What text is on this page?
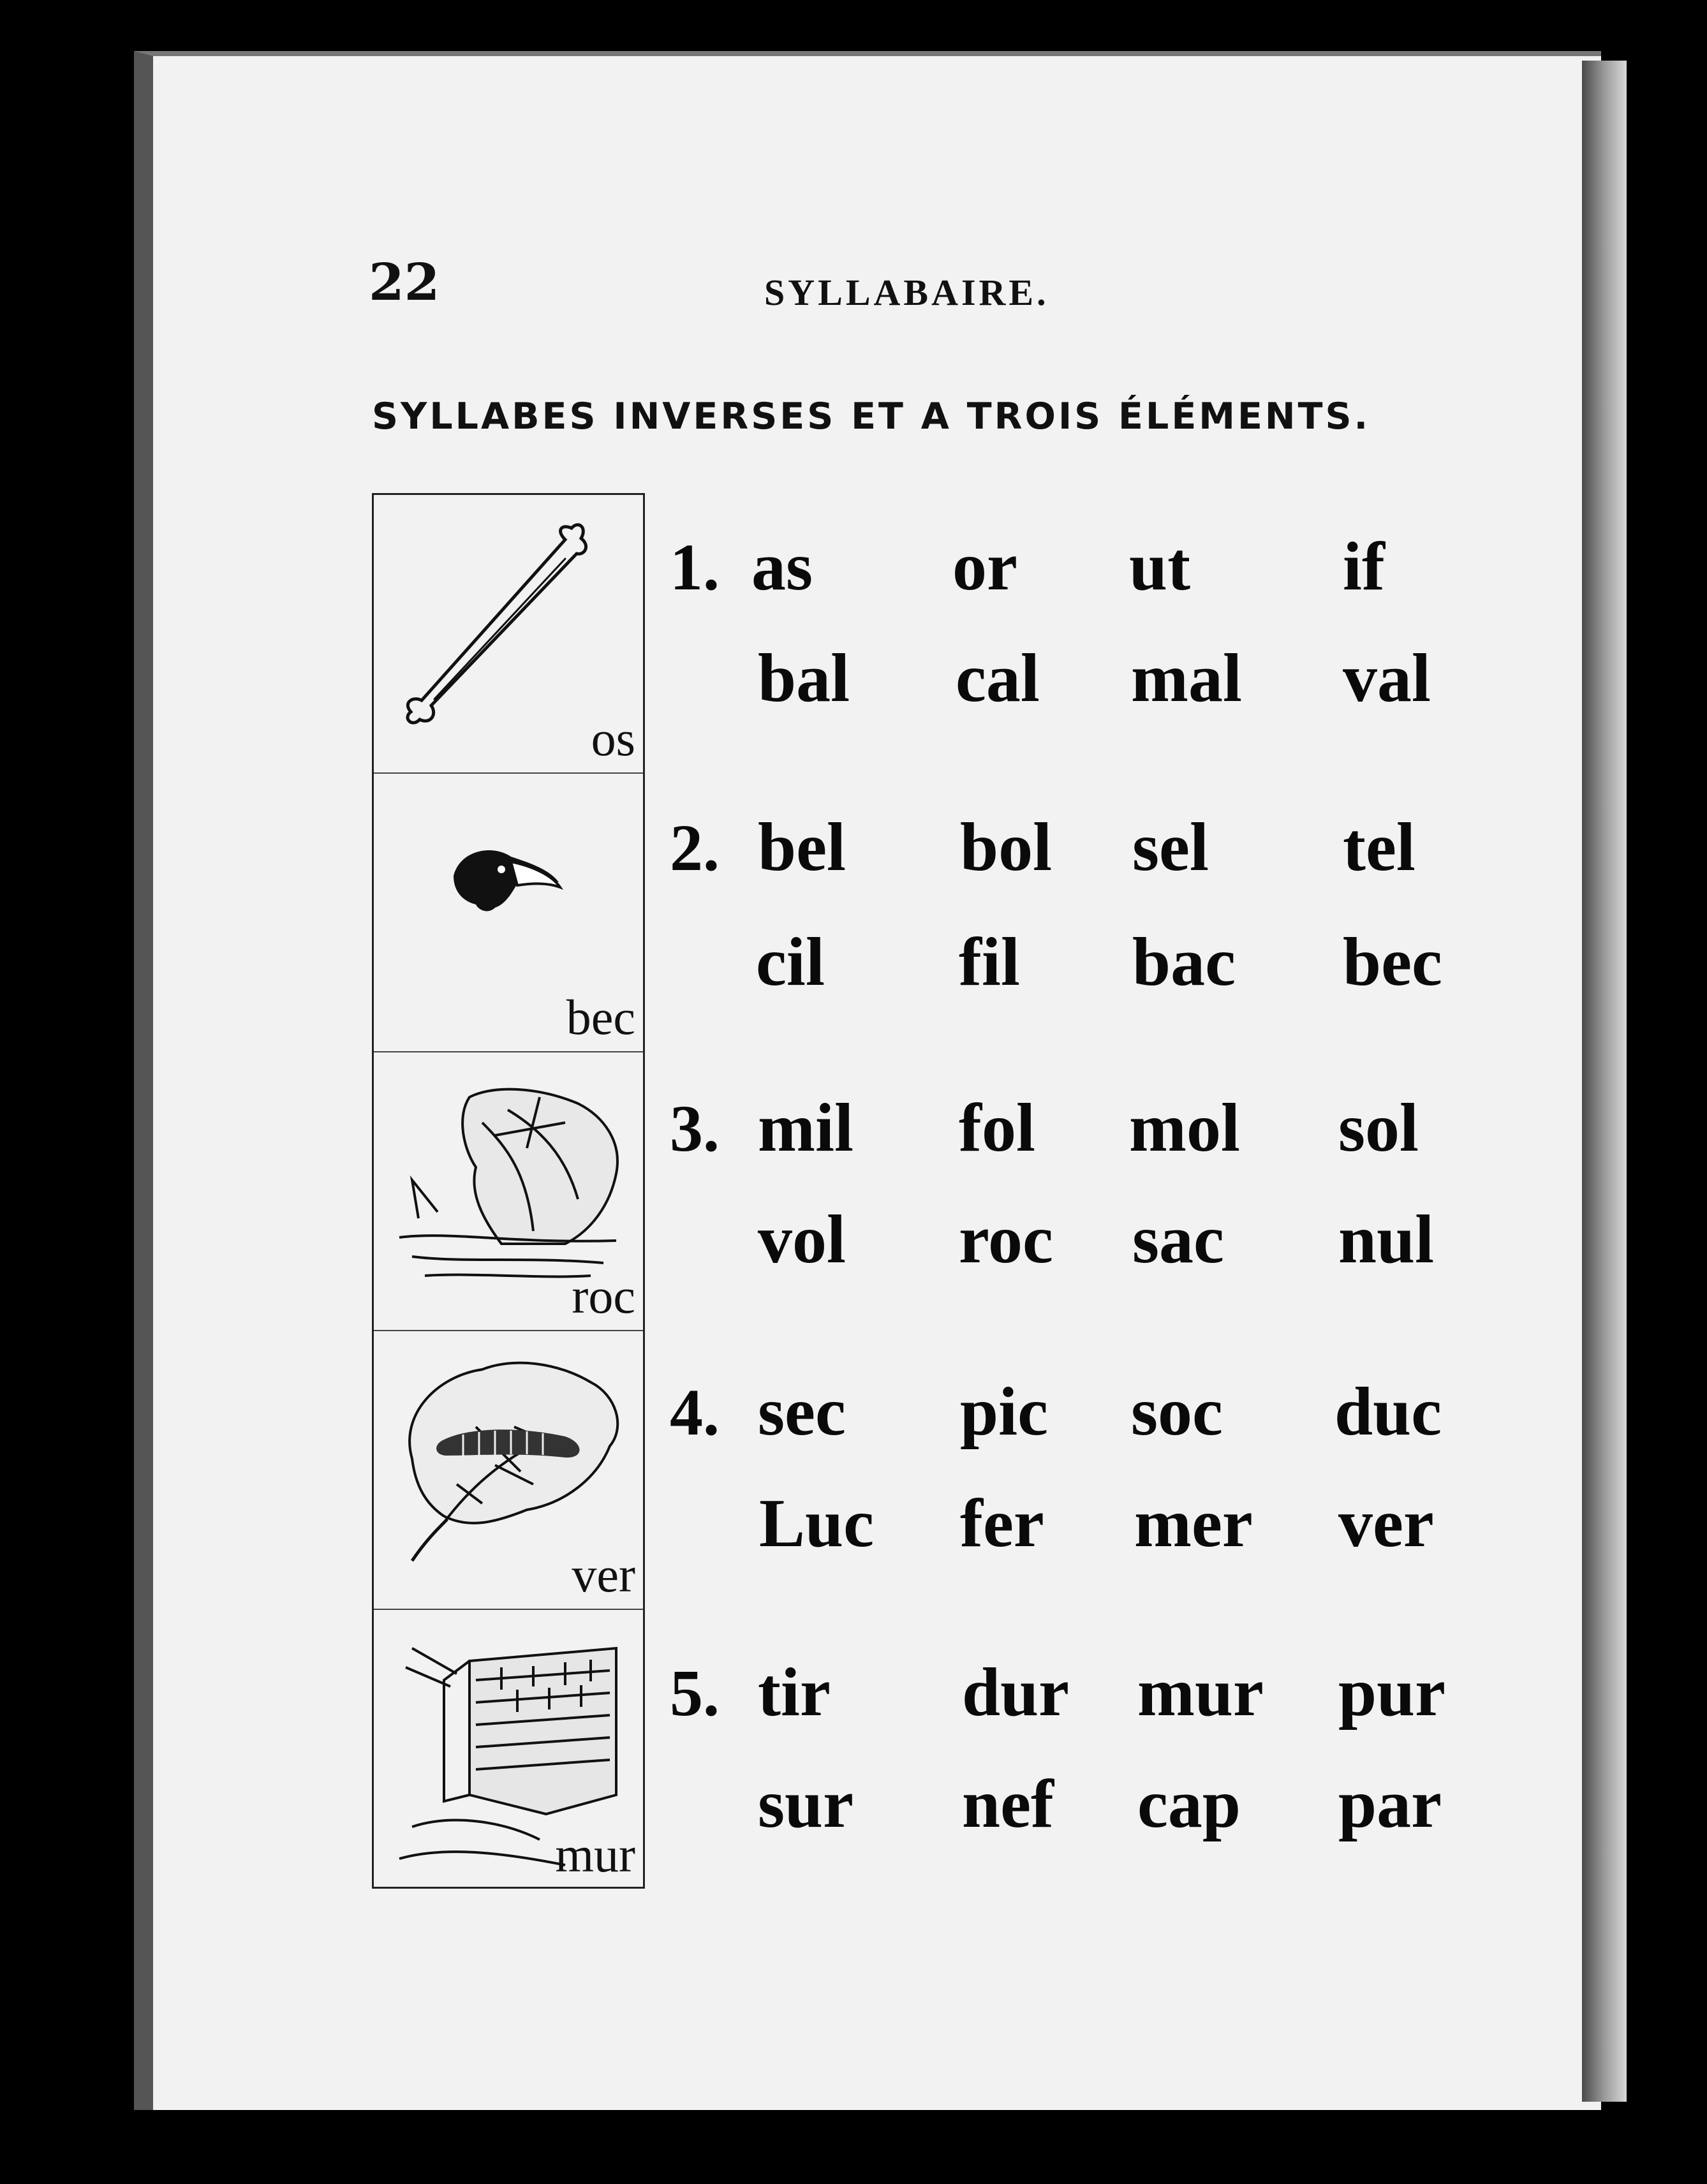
22	SYLLABAIRE.
SYLLABES INVERSES ET A TROIS ÉLÉMENTS.
os
bec
roc
ver
mur
1. as or ut if
bal cal mal val
2. bel bol sel tel
cil fil bac bec
3. mil fol mol sol
vol roc sac nul
4. sec pic soc duc
Luc fer mer ver
5. tir dur mur pur
sur nef cap par
